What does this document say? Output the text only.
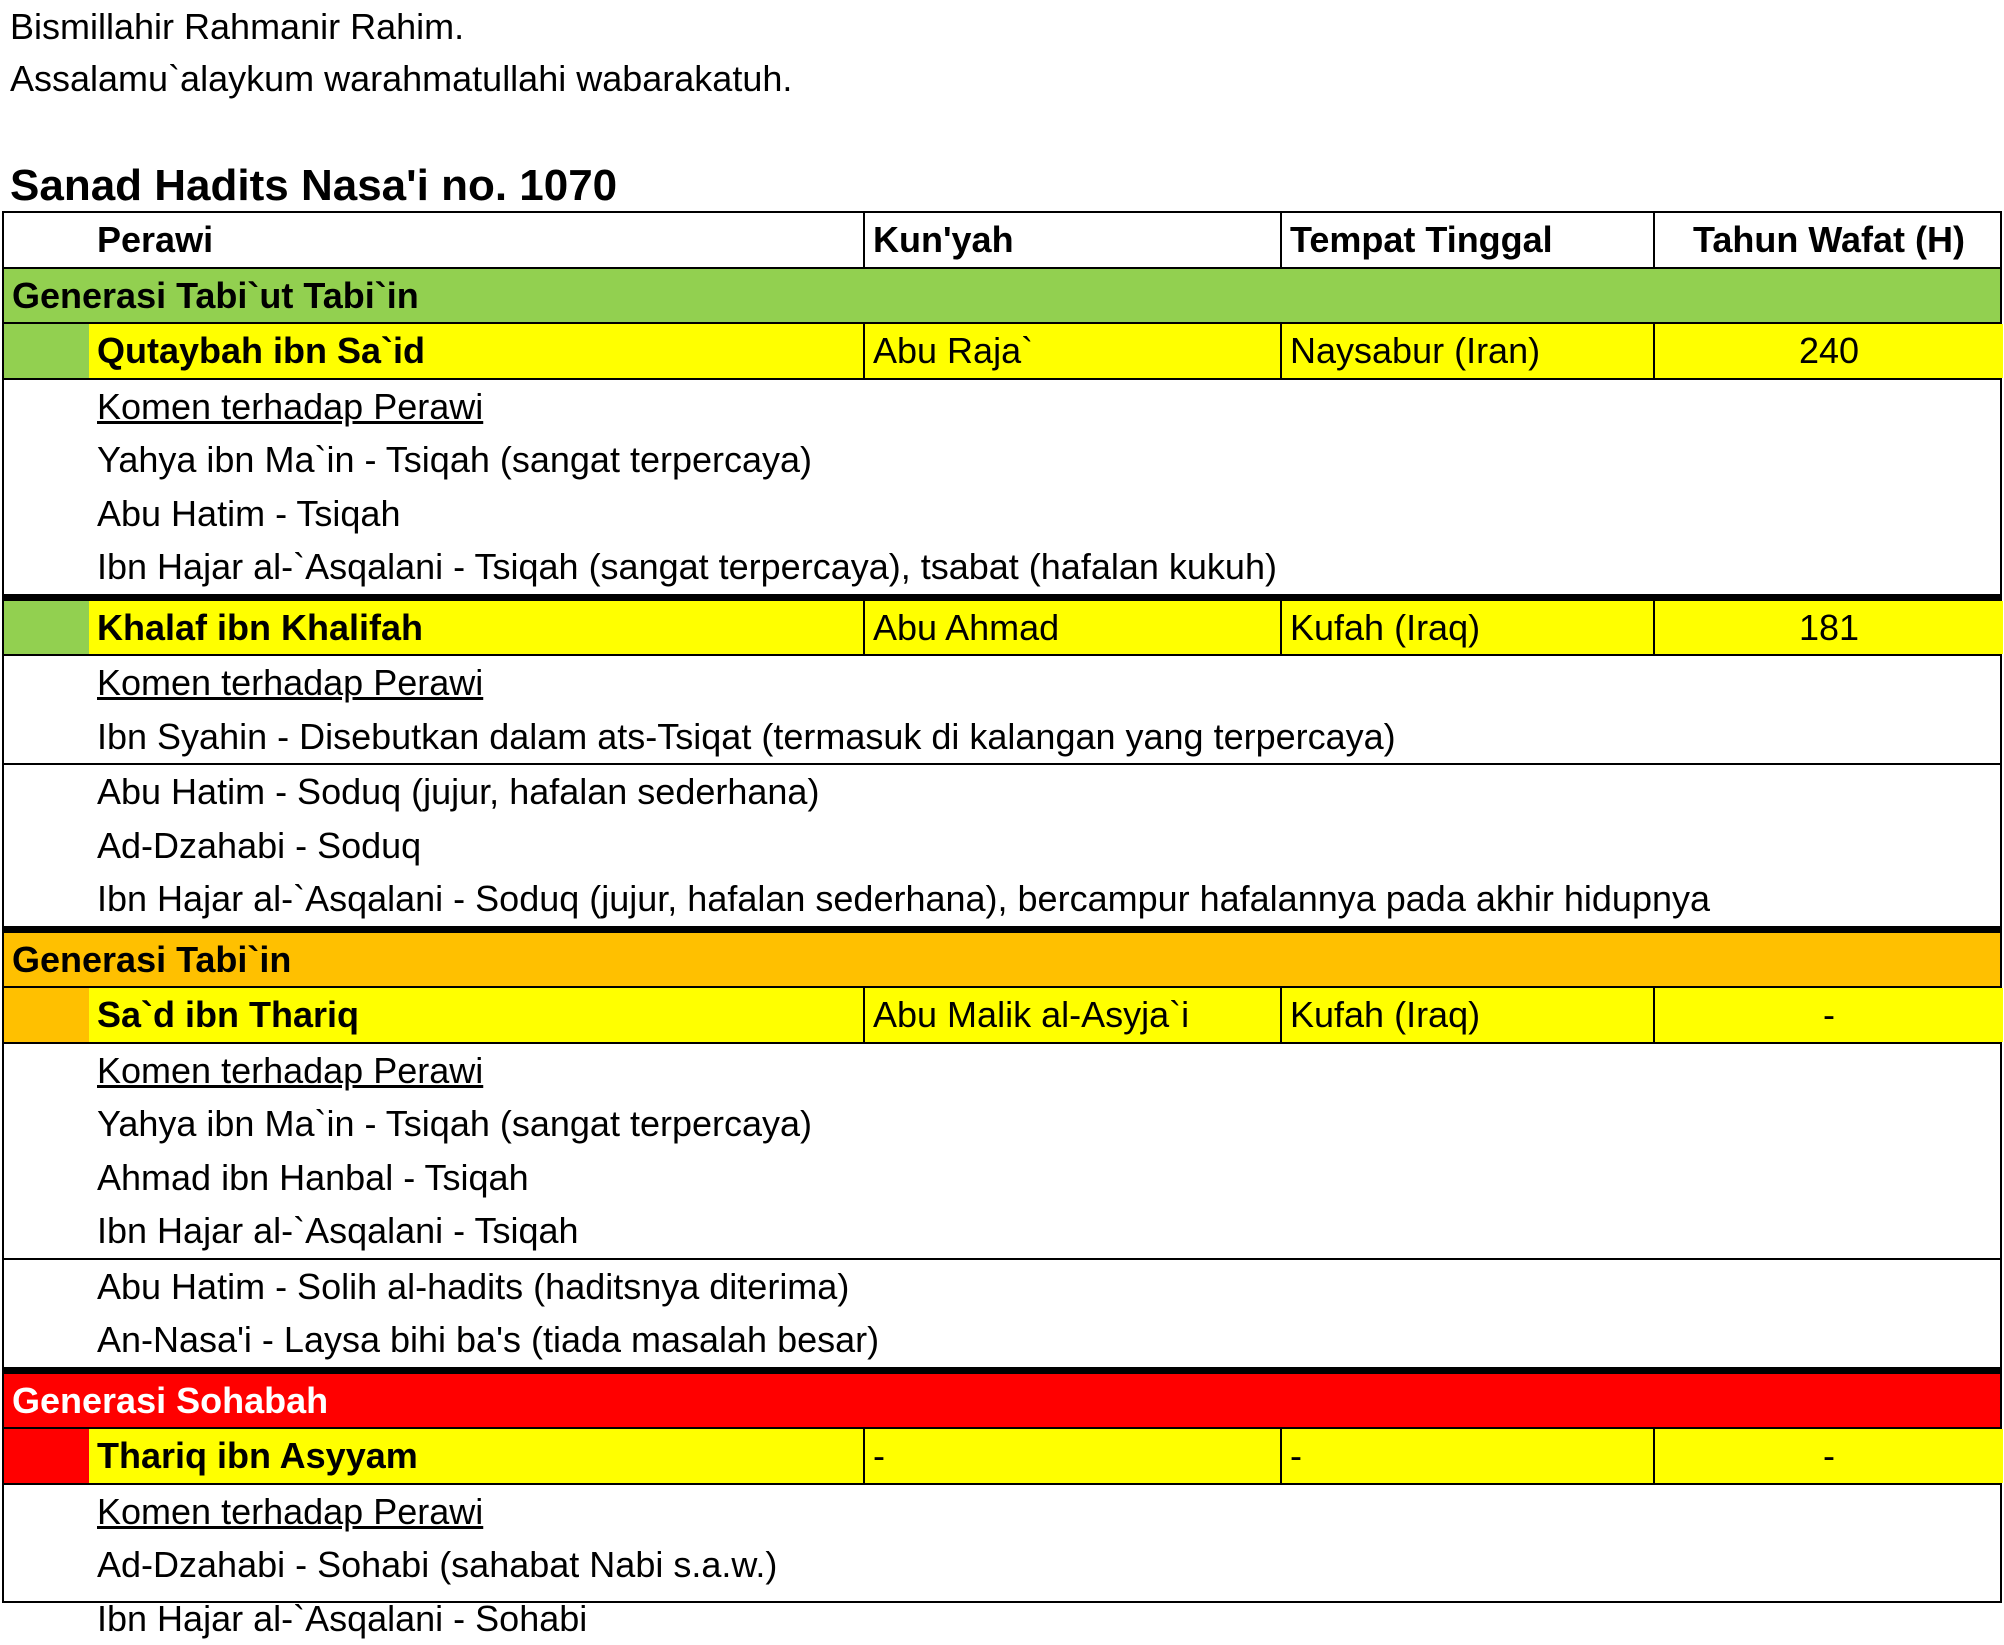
Bismillahir Rahmanir Rahim.
Assalamu`alaykum warahmatullahi wabarakatuh.
Sanad Hadits Nasa'i no. 1070
Perawi	Kun'yah	Tempat Tinggal	Tahun Wafat (H)
Generasi Tabi`ut Tabi`in
Qutaybah ibn Sa`id	Abu Raja`	Naysabur (Iran)	240
Komen terhadap Perawi
Yahya ibn Ma`in - Tsiqah (sangat terpercaya)
Abu Hatim - Tsiqah
Ibn Hajar al-`Asqalani - Tsiqah (sangat terpercaya), tsabat (hafalan kukuh)
Khalaf ibn Khalifah	Abu Ahmad	Kufah (Iraq)	181
Komen terhadap Perawi
Ibn Syahin - Disebutkan dalam ats-Tsiqat (termasuk di kalangan yang terpercaya)
Abu Hatim - Soduq (jujur, hafalan sederhana)
Ad-Dzahabi - Soduq
Ibn Hajar al-`Asqalani - Soduq (jujur, hafalan sederhana), bercampur hafalannya pada akhir hidupnya
Generasi Tabi`in
Sa`d ibn Thariq	Abu Malik al-Asyja`i	Kufah (Iraq)	-
Komen terhadap Perawi
Yahya ibn Ma`in - Tsiqah (sangat terpercaya)
Ahmad ibn Hanbal - Tsiqah
Ibn Hajar al-`Asqalani - Tsiqah
Abu Hatim - Solih al-hadits (haditsnya diterima)
An-Nasa'i - Laysa bihi ba's (tiada masalah besar)
Generasi Sohabah
Thariq ibn Asyyam	-	-	-
Komen terhadap Perawi
Ad-Dzahabi - Sohabi (sahabat Nabi s.a.w.)
Ibn Hajar al-`Asqalani - Sohabi
